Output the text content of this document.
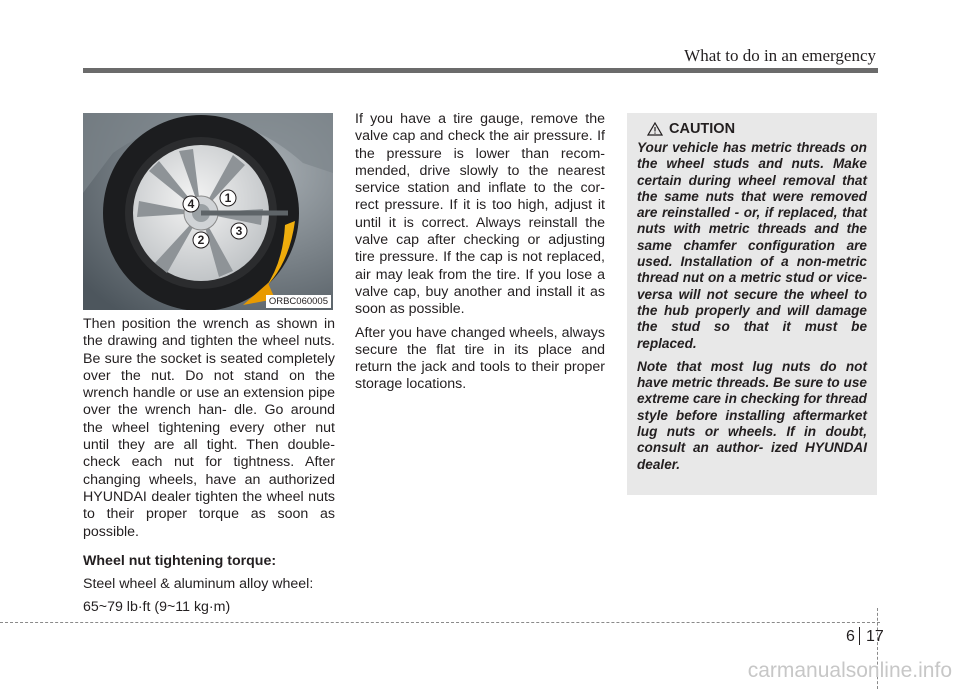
What to do in an emergency
1
2
3
4
ORBC060005

Then position the wrench as shown in the drawing and tighten the wheel nuts. Be sure the socket is seated completely over the nut. Do not stand on the wrench handle or use an extension pipe over the wrench han- dle. Go around the wheel tightening every other nut until they are all tight. Then double-check each nut for tightness. After changing wheels, have an authorized HYUNDAI dealer tighten the wheel nuts to their proper torque as soon as possible.

Wheel nut tightening torque:

Steel wheel & aluminum alloy wheel:

65~79 lb·ft (9~11 kg·m)

If you have a tire gauge, remove the valve cap and check the air pressure. If the pressure is lower than recom- mended, drive slowly to the nearest service station and inflate to the cor- rect pressure. If it is too high, adjust it until it is correct. Always reinstall the valve cap after checking or adjusting tire pressure. If the cap is not replaced, air may leak from the tire. If you lose a valve cap, buy another and install it as soon as possible.

After you have changed wheels, always secure the flat tire in its place and return the jack and tools to their proper storage locations.

CAUTION

Your vehicle has metric threads on the wheel studs and nuts. Make certain during wheel removal that the same nuts that were removed are reinstalled - or, if replaced, that nuts with metric threads and the same chamfer configuration are used. Installation of a non-metric thread nut on a metric stud or vice-versa will not secure the wheel to the hub properly and will damage the stud so that it must be replaced.

Note that most lug nuts do not have metric threads. Be sure to use extreme care in checking for thread style before installing aftermarket lug nuts or wheels. If in doubt, consult an author- ized HYUNDAI dealer.

6 17
carmanualsonline.info
